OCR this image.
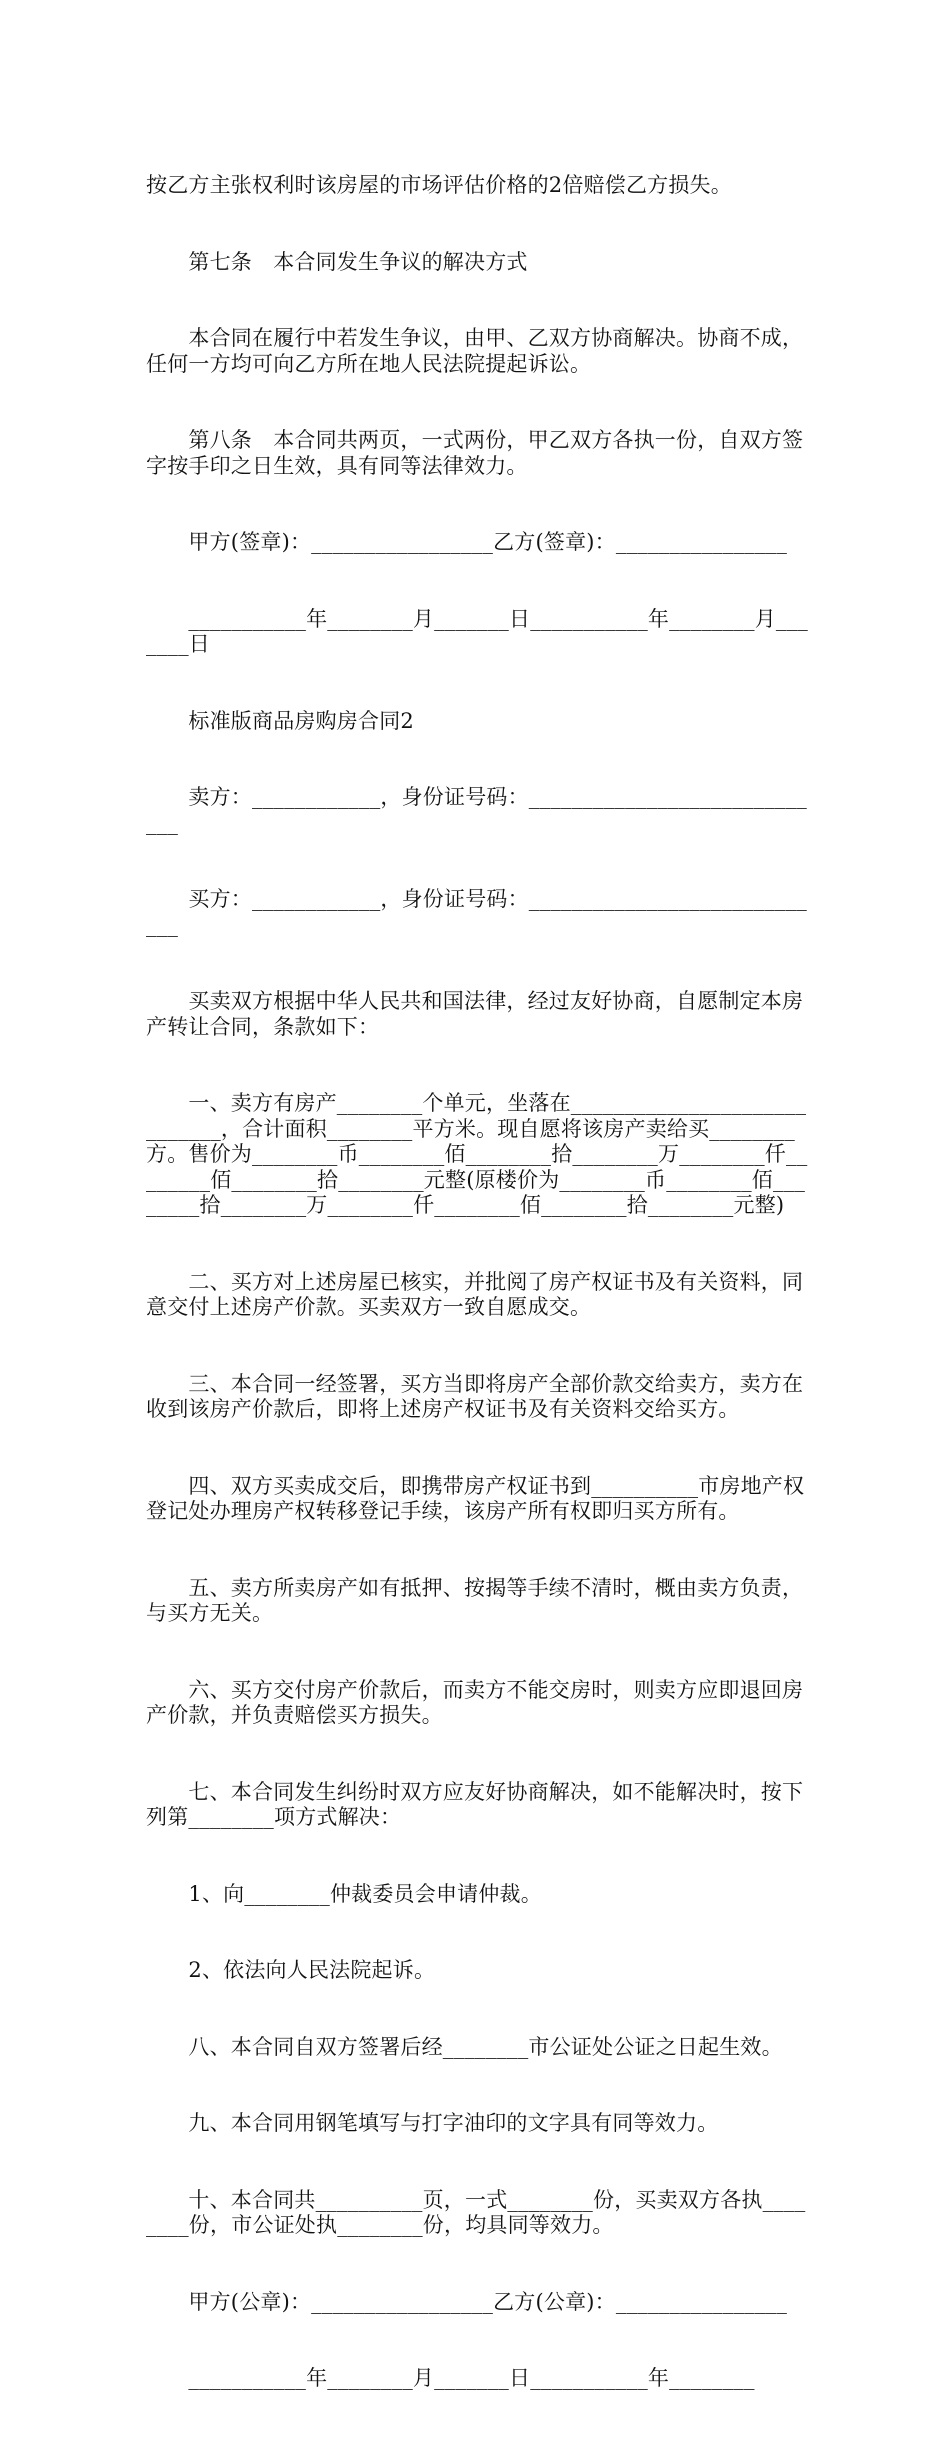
按乙方主张权利时该房屋的市场评估价格的2倍赔偿乙方损失。

　　第七条　本合同发生争议的解决方式

　　本合同在履行中若发生争议，由甲、乙双方协商解决。协商不成，任何一方均可向乙方所在地人民法院提起诉讼。

　　第八条　本合同共两页，一式两份，甲乙双方各执一份，自双方签字按手印之日生效，具有同等法律效力。

　　甲方(签章)：_________________乙方(签章)：________________

　　___________年________月_______日___________年________月_______日

　　标准版商品房购房合同2

　　卖方：____________，身份证号码：_____________________________

　　买方：____________，身份证号码：_____________________________

　　买卖双方根据中华人民共和国法律，经过友好协商，自愿制定本房产转让合同，条款如下：

　　一、卖方有房产________个单元，坐落在_____________________________，合计面积________平方米。现自愿将该房产卖给买________方。售价为________币________佰________拾________万________仟________佰________拾________元整(原楼价为________币________佰________拾________万________仟________佰________拾________元整)

　　二、买方对上述房屋已核实，并批阅了房产权证书及有关资料，同意交付上述房产价款。买卖双方一致自愿成交。

　　三、本合同一经签署，买方当即将房产全部价款交给卖方，卖方在收到该房产价款后，即将上述房产权证书及有关资料交给买方。

　　四、双方买卖成交后，即携带房产权证书到__________市房地产权登记处办理房产权转移登记手续，该房产所有权即归买方所有。

　　五、卖方所卖房产如有抵押、按揭等手续不清时，概由卖方负责，与买方无关。

　　六、买方交付房产价款后，而卖方不能交房时，则卖方应即退回房产价款，并负责赔偿买方损失。

　　七、本合同发生纠纷时双方应友好协商解决，如不能解决时，按下列第________项方式解决：

　　1、向________仲裁委员会申请仲裁。

　　2、依法向人民法院起诉。

　　八、本合同自双方签署后经________市公证处公证之日起生效。

　　九、本合同用钢笔填写与打字油印的文字具有同等效力。

　　十、本合同共__________页，一式________份，买卖双方各执________份，市公证处执________份，均具同等效力。

　　甲方(公章)：_________________乙方(公章)：________________

　　___________年________月_______日___________年________
